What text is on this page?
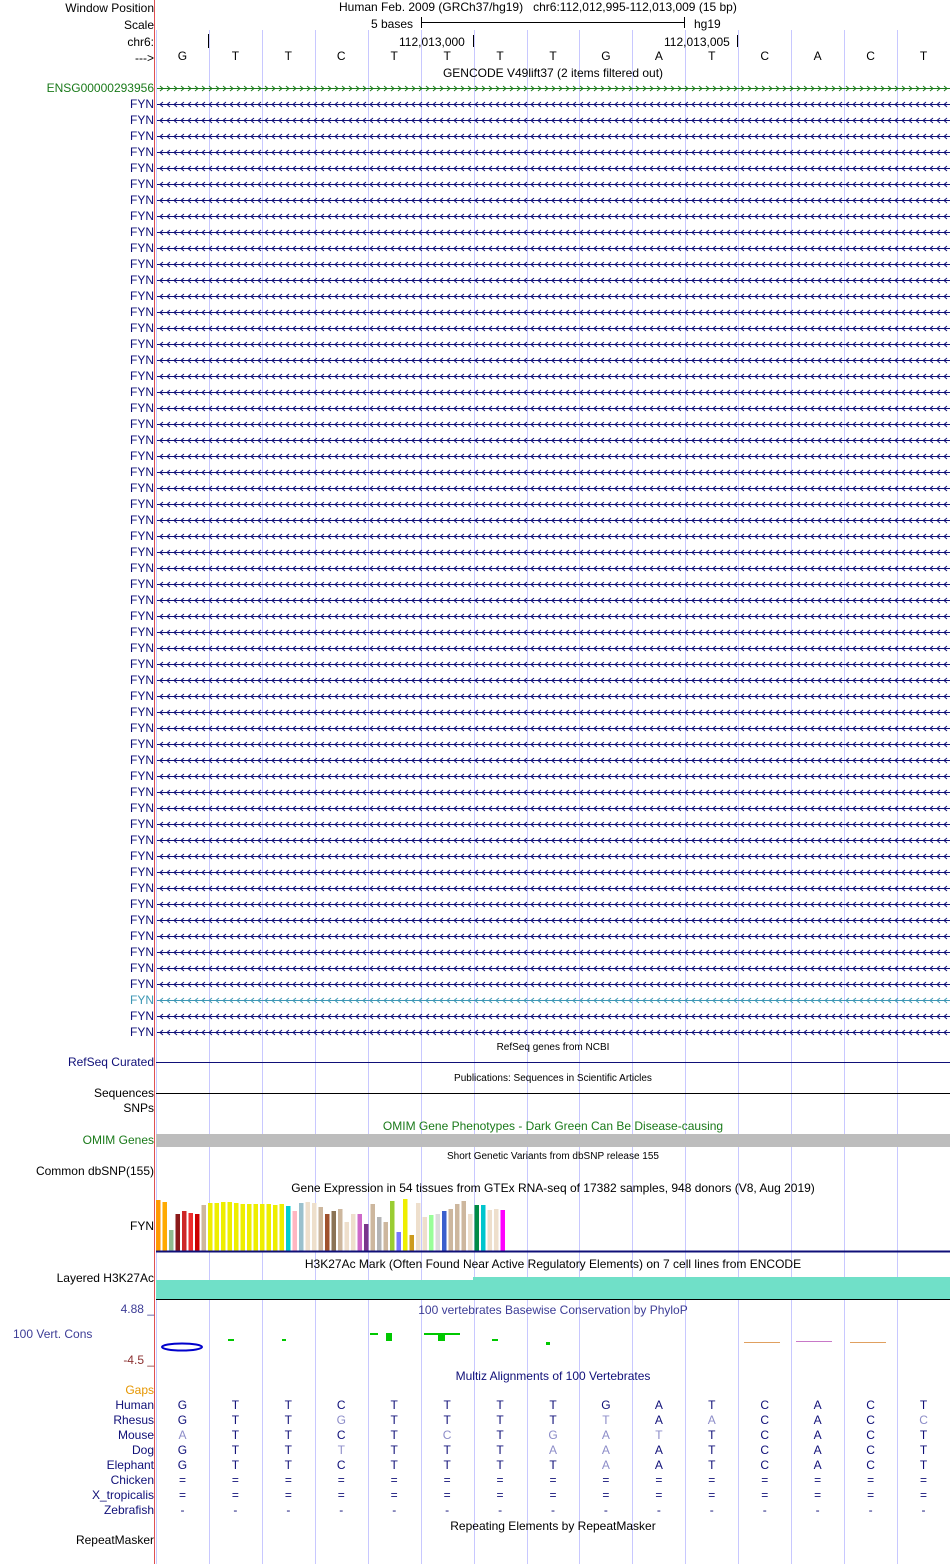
Window Position
Scale
chr6:
--->
Human Feb. 2009 (GRCh37/hg19) chr6:112,012,995-112,013,009 (15 bp)
5 bases	hg19
112,013,000	112,013,005
G	T	T	C	T	T	T	T	G	A	T	C	A	C	T
GENCODE V49lift37 (2 items filtered out)
ENSG00000293956
FYN
FYN
FYN
FYN
FYN
FYN
FYN
FYN
FYN
FYN
FYN
FYN
FYN
FYN
FYN
FYN
FYN
FYN
FYN
FYN
FYN
FYN
FYN
FYN
FYN
FYN
FYN
FYN
FYN
FYN
FYN
FYN
FYN
FYN
FYN
FYN
FYN
FYN
FYN
FYN
FYN
FYN
FYN
FYN
FYN
FYN
FYN
FYN
FYN
FYN
FYN
FYN
FYN
FYN
FYN
FYN
FYN
FYN
FYN
RefSeq genes from NCBI
RefSeq Curated
Publications: Sequences in Scientific Articles
Sequences
SNPs
OMIM Gene Phenotypes - Dark Green Can Be Disease-causing
OMIM Genes
Short Genetic Variants from dbSNP release 155
Common dbSNP(155)
Gene Expression in 54 tissues from GTEx RNA-seq of 17382 samples, 948 donors (V8, Aug 2019)
FYN
H3K27Ac Mark (Often Found Near Active Regulatory Elements) on 7 cell lines from ENCODE
Layered H3K27Ac
100 vertebrates Basewise Conservation by PhyloP
4.88 _
100 Vert. Cons
-4.5 _
Multiz Alignments of 100 Vertebrates
Gaps
Human	G	T	T	C	T	T	T	T	G	A	T	C	A	C	T
Rhesus	G	T	T	G	T	T	T	T	T	A	A	C	A	C	C
Mouse	A	T	T	C	T	C	T	G	A	T	T	C	A	C	T
Dog	G	T	T	T	T	T	T	A	A	A	T	C	A	C	T
Elephant	G	T	T	C	T	T	T	T	A	A	T	C	A	C	T
Chicken	=	=	=	=	=	=	=	=	=	=	=	=	=	=	=
X_tropicalis	=	=	=	=	=	=	=	=	=	=	=	=	=	=	=
Zebrafish	-	-	-	-	-	-	-	-	-	-	-	-	-	-	-
Repeating Elements by RepeatMasker
RepeatMasker
